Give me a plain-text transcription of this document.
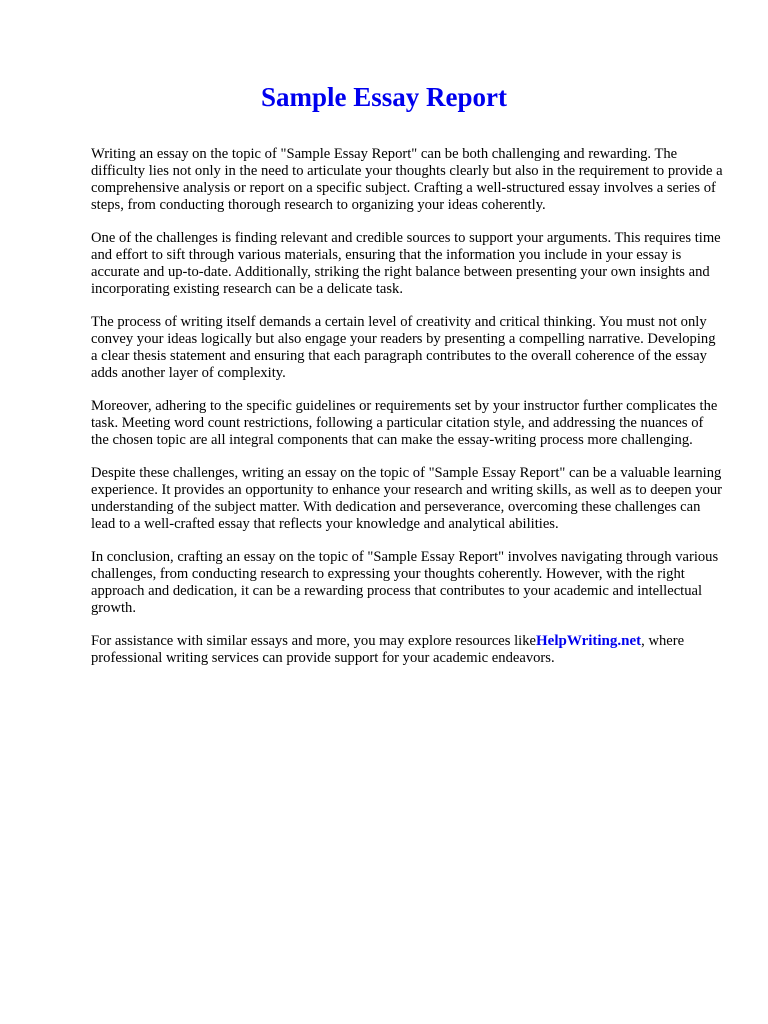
Sample Essay Report

Writing an essay on the topic of "Sample Essay Report" can be both challenging and rewarding. The difficulty lies not only in the need to articulate your thoughts clearly but also in the requirement to provide a comprehensive analysis or report on a specific subject. Crafting a well-structured essay involves a series of steps, from conducting thorough research to organizing your ideas coherently.

One of the challenges is finding relevant and credible sources to support your arguments. This requires time and effort to sift through various materials, ensuring that the information you include in your essay is accurate and up-to-date. Additionally, striking the right balance between presenting your own insights and incorporating existing research can be a delicate task.

The process of writing itself demands a certain level of creativity and critical thinking. You must not only convey your ideas logically but also engage your readers by presenting a compelling narrative. Developing a clear thesis statement and ensuring that each paragraph contributes to the overall coherence of the essay adds another layer of complexity.

Moreover, adhering to the specific guidelines or requirements set by your instructor further complicates the task. Meeting word count restrictions, following a particular citation style, and addressing the nuances of the chosen topic are all integral components that can make the essay-writing process more challenging.

Despite these challenges, writing an essay on the topic of "Sample Essay Report" can be a valuable learning experience. It provides an opportunity to enhance your research and writing skills, as well as to deepen your understanding of the subject matter. With dedication and perseverance, overcoming these challenges can lead to a well-crafted essay that reflects your knowledge and analytical abilities.

In conclusion, crafting an essay on the topic of "Sample Essay Report" involves navigating through various challenges, from conducting research to expressing your thoughts coherently. However, with the right approach and dedication, it can be a rewarding process that contributes to your academic and intellectual growth.

For assistance with similar essays and more, you may explore resources likeHelpWriting.net, where professional writing services can provide support for your academic endeavors.
